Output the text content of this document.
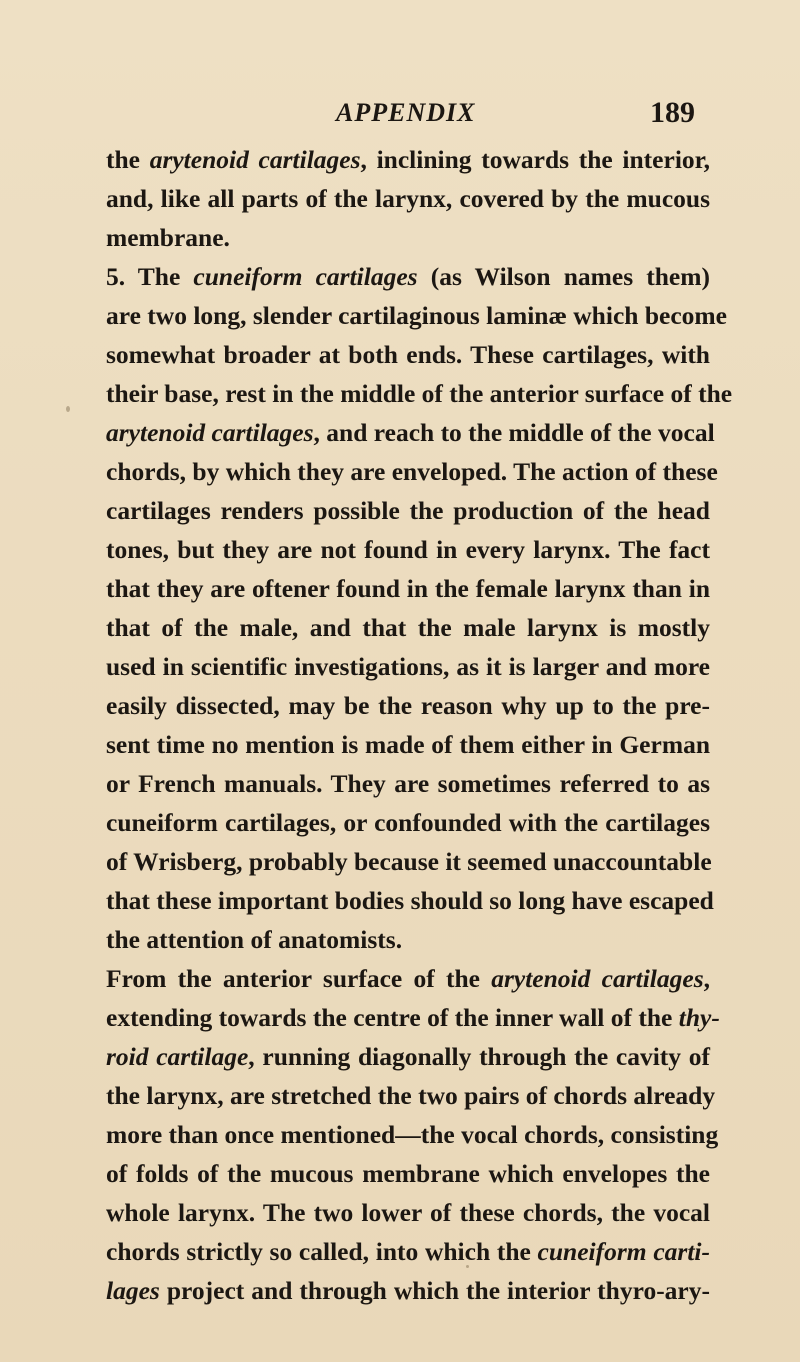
APPENDIX	189
the arytenoid cartilages, inclining towards the interior,
and, like all parts of the larynx, covered by the mucous
membrane.
5. The cuneiform cartilages (as Wilson names them)
are two long, slender cartilaginous laminæ which become
somewhat broader at both ends. These cartilages, with
their base, rest in the middle of the anterior surface of the
arytenoid cartilages, and reach to the middle of the vocal
chords, by which they are enveloped. The action of these
cartilages renders possible the production of the head
tones, but they are not found in every larynx. The fact
that they are oftener found in the female larynx than in
that of the male, and that the male larynx is mostly
used in scientific investigations, as it is larger and more
easily dissected, may be the reason why up to the pre-
sent time no mention is made of them either in German
or French manuals. They are sometimes referred to as
cuneiform cartilages, or confounded with the cartilages
of Wrisberg, probably because it seemed unaccountable
that these important bodies should so long have escaped
the attention of anatomists.
From the anterior surface of the arytenoid cartilages,
extending towards the centre of the inner wall of the thy-
roid cartilage, running diagonally through the cavity of
the larynx, are stretched the two pairs of chords already
more than once mentioned—the vocal chords, consisting
of folds of the mucous membrane which envelopes the
whole larynx. The two lower of these chords, the vocal
chords strictly so called, into which the cuneiform carti-
lages project and through which the interior thyro-ary-
